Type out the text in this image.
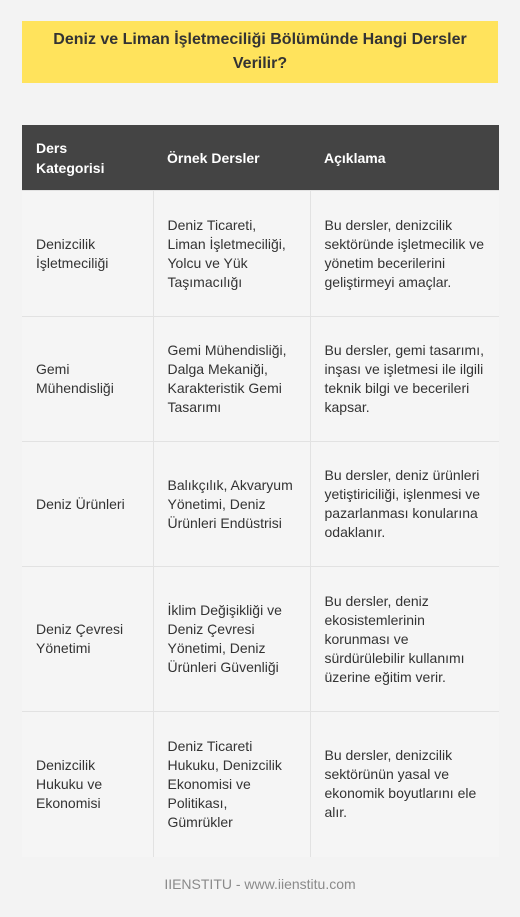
Deniz ve Liman İşletmeciliği Bölümünde Hangi Dersler Verilir?
Ders Kategorisi	Örnek Dersler	Açıklama
Denizcilik İşletmeciliği	Deniz Ticareti, Liman İşletmeciliği, Yolcu ve Yük Taşımacılığı	Bu dersler, denizcilik sektöründe işletmecilik ve yönetim becerilerini geliştirmeyi amaçlar.
Gemi Mühendisliği	Gemi Mühendisliği, Dalga Mekaniği, Karakteristik Gemi Tasarımı	Bu dersler, gemi tasarımı, inşası ve işletmesi ile ilgili teknik bilgi ve becerileri kapsar.
Deniz Ürünleri	Balıkçılık, Akvaryum Yönetimi, Deniz Ürünleri Endüstrisi	Bu dersler, deniz ürünleri yetiştiriciliği, işlenmesi ve pazarlanması konularına odaklanır.
Deniz Çevresi Yönetimi	İklim Değişikliği ve Deniz Çevresi Yönetimi, Deniz Ürünleri Güvenliği	Bu dersler, deniz ekosistemlerinin korunması ve sürdürülebilir kullanımı üzerine eğitim verir.
Denizcilik Hukuku ve Ekonomisi	Deniz Ticareti Hukuku, Denizcilik Ekonomisi ve Politikası, Gümrükler	Bu dersler, denizcilik sektörünün yasal ve ekonomik boyutlarını ele alır.
IIENSTITU - www.iienstitu.com
